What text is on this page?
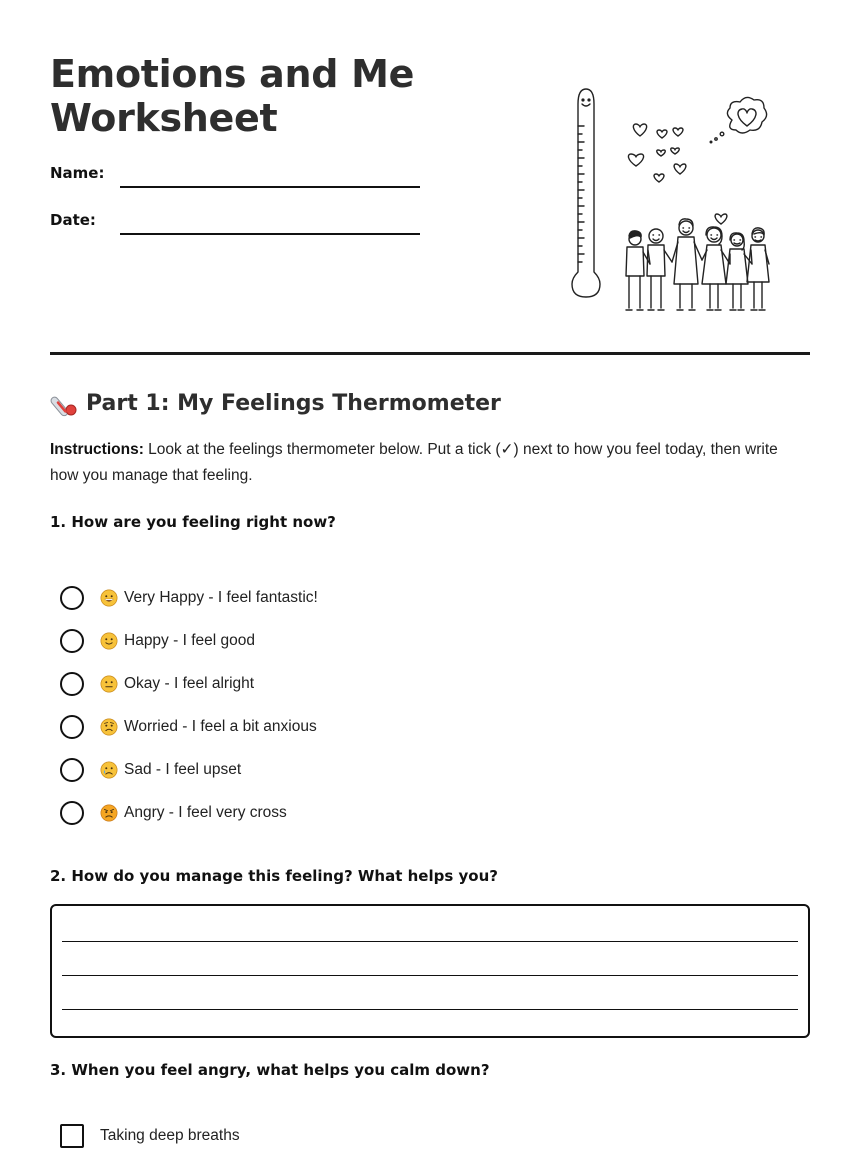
Emotions and Me
Worksheet
Name:
Date:
Part 1: My Feelings Thermometer

Instructions: Look at the feelings thermometer below. Put a tick (✓) next to how you feel today, then write how you manage that feeling.

1. How are you feeling right now?

Very Happy - I feel fantastic!
Happy - I feel good
Okay - I feel alright
Worried - I feel a bit anxious
Sad - I feel upset
Angry - I feel very cross

2. How do you manage this feeling? What helps you?

3. When you feel angry, what helps you calm down?

Taking deep breaths
